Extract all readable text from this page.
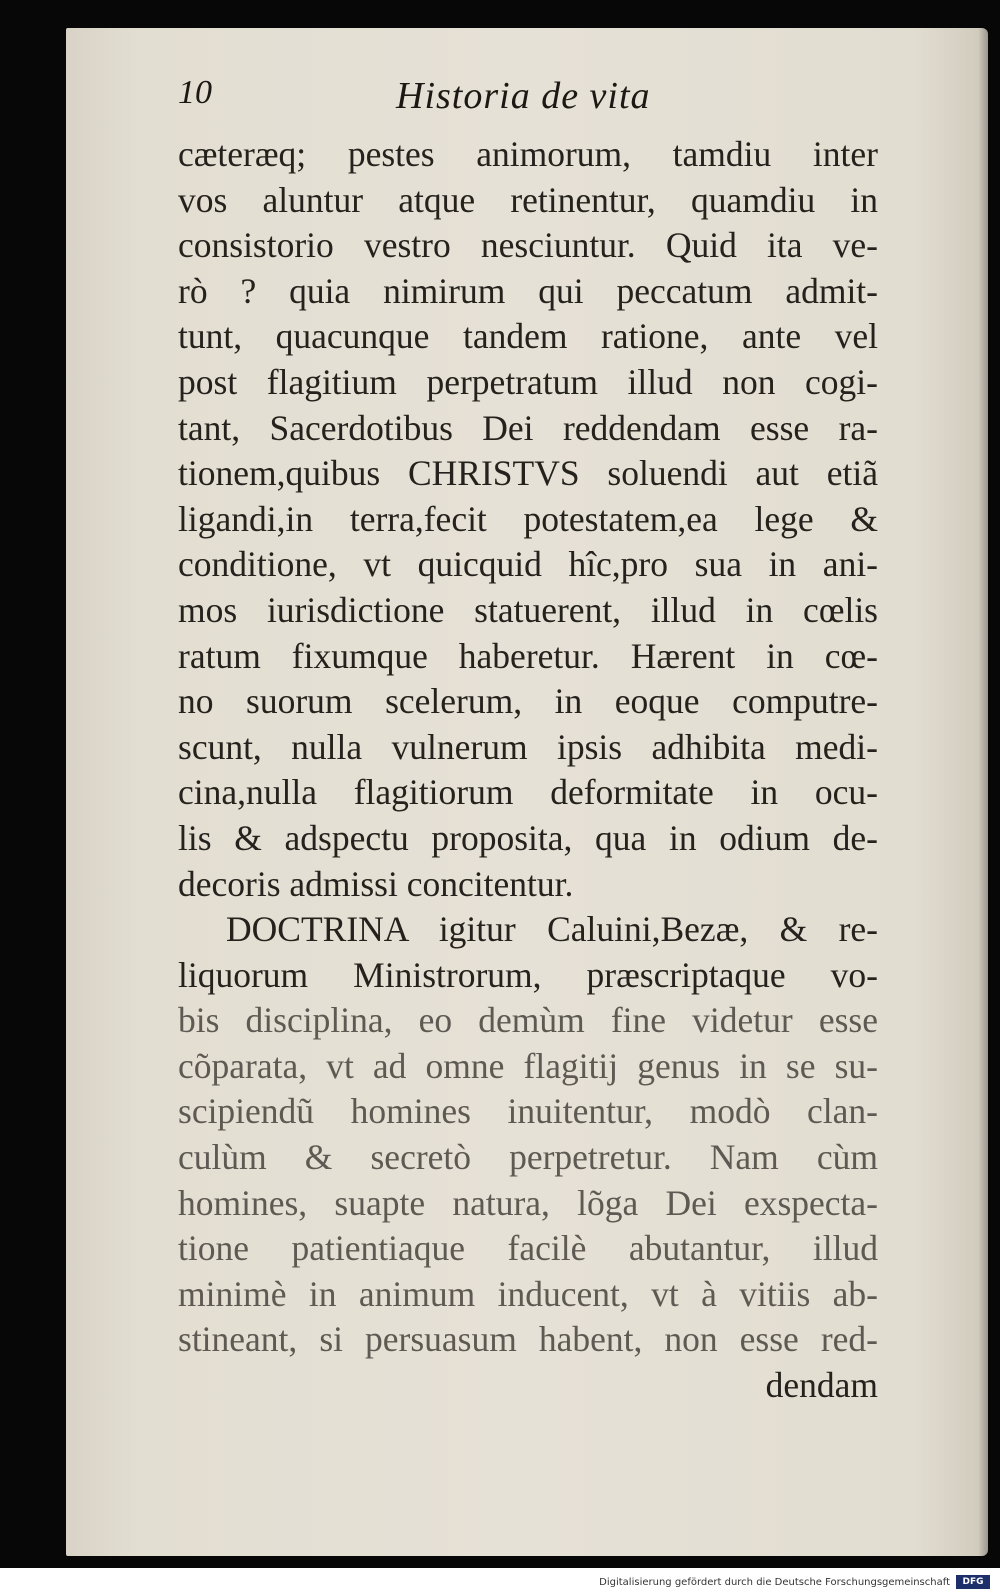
10	Historia de vita
cæteræq; pestes animorum, tamdiu inter
vos aluntur atque retinentur, quamdiu in
consistorio vestro nesciuntur. Quid ita ve-
rò ? quia nimirum qui peccatum admit-
tunt, quacunque tandem ratione, ante vel
post flagitium perpetratum illud non cogi-
tant, Sacerdotibus Dei reddendam esse ra-
tionem,quibus CHRISTVS soluendi aut etiã
ligandi,in terra,fecit potestatem,ea lege &
conditione, vt quicquid hîc,pro sua in ani-
mos iurisdictione statuerent, illud in cœlis
ratum fixumque haberetur. Hærent in cœ-
no suorum scelerum, in eoque computre-
scunt, nulla vulnerum ipsis adhibita medi-
cina,nulla flagitiorum deformitate in ocu-
lis & adspectu proposita, qua in odium de-
decoris admissi concitentur.
DOCTRINA igitur Caluini,Bezæ, & re-
liquorum Ministrorum, præscriptaque vo-
bis disciplina, eo demùm fine videtur esse
cõparata, vt ad omne flagitij genus in se su-
scipiendũ homines inuitentur, modò clan-
culùm & secretò perpetretur. Nam cùm
homines, suapte natura, lõga Dei exspecta-
tione patientiaque facilè abutantur, illud
minimè in animum inducent, vt à vitiis ab-
stineant, si persuasum habent, non esse red-
dendam
Digitalisierung gefördert durch die Deutsche Forschungsgemeinschaft	DFG
